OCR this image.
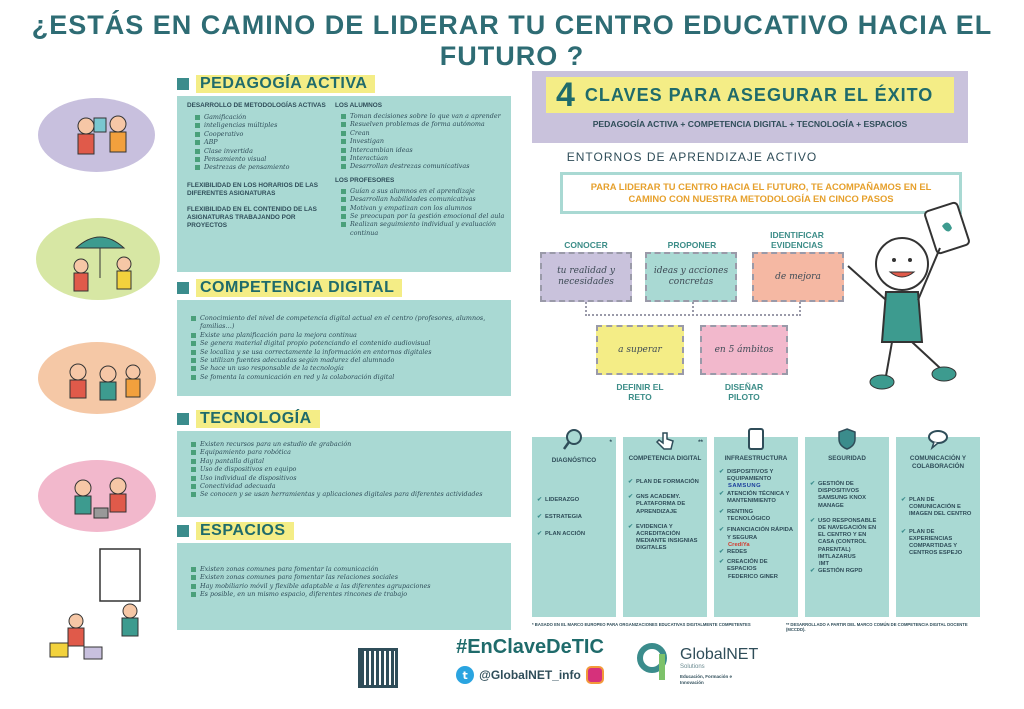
¿ESTÁS EN CAMINO DE LIDERAR TU CENTRO EDUCATIVO HACIA EL FUTURO ?
PEDAGOGÍA ACTIVA
DESARROLLO DE METODOLOGÍAS ACTIVAS
Gamificación
inteligencias múltiples
Cooperativo
ABP
Clase invertida
Pensamiento visual
Destrezas de pensamiento
FLEXIBILIDAD EN LOS HORARIOS DE LAS DIFERENTES ASIGNATURAS
FLEXIBILIDAD EN EL CONTENIDO DE LAS ASIGNATURAS TRABAJANDO POR PROYECTOS
LOS ALUMNOS
Toman decisiones sobre lo que van a aprender
Resuelven problemas de forma autónoma
Crean
Investigan
Intercambian ideas
Interactúan
Desarrollan destrezas comunicativas
LOS PROFESORES
Guían a sus alumnos en el aprendizaje
Desarrollan habilidades comunicativas
Motivan y empatizan con los alumnos
Se preocupan por la gestión emocional del aula
Realizan seguimiento individual y evaluación continua
COMPETENCIA DIGITAL
Conocimiento del nivel de competencia digital actual en el centro (profesores, alumnos, familias…)
Existe una planificación para la mejora continua
Se genera material digital propio potenciando el contenido audiovisual
Se localiza y se usa correctamente la información en entornos digitales
Se utilizan fuentes adecuadas según madurez del alumnado
Se hace un uso responsable de la tecnología
Se fomenta la comunicación en red y la colaboración digital
TECNOLOGÍA
Existen recursos para un estudio de grabación
Equipamiento para robótica
Hay pantalla digital
Uso de dispositivos en equipo
Uso individual de dispositivos
Conectividad adecuada
Se conocen y se usan herramientas y aplicaciones digitales para diferentes actividades
ESPACIOS
Existen zonas comunes para fomentar la comunicación
Existen zonas comunes para fomentar las relaciones sociales
Hay mobiliario móvil y flexible adaptable a las diferentes agrupaciones
Es posible, en un mismo espacio, diferentes rincones de trabajo
4 CLAVES PARA ASEGURAR EL ÉXITO
PEDAGOGÍA ACTIVA + COMPETENCIA DIGITAL + TECNOLOGÍA + ESPACIOS
ENTORNOS DE APRENDIZAJE ACTIVO
PARA LIDERAR TU CENTRO HACIA EL FUTURO, TE ACOMPAÑAMOS EN EL CAMINO CON NUESTRA METODOLOGÍA EN CINCO PASOS
CONOCER
tu realidad y necesidades
PROPONER
ideas y acciones concretas
IDENTIFICAR EVIDENCIAS
de mejora
a superar	en 5 ámbitos
DEFINIR EL RETO
DISEÑAR PILOTO
*
DIAGNÓSTICO
✔ LIDERAZGO
✔ ESTRATEGIA
✔ PLAN ACCIÓN
**
COMPETENCIA DIGITAL
✔ PLAN DE FORMACIÓN
✔ GNS ACADEMY. PLATAFORMA DE APRENDIZAJE
✔ EVIDENCIA Y ACREDITACIÓN MEDIANTE INSIGNIAS DIGITALES
INFRAESTRUCTURA
✔ DISPOSITIVOS Y EQUIPAMIENTO
SAMSUNG
✔ ATENCIÓN TÉCNICA Y MANTENIMIENTO
✔ RENTING TECNOLÓGICO
✔ FINANCIACIÓN RÁPIDA Y SEGURA
CrediYa
✔ REDES
✔ CREACIÓN DE ESPACIOS
FEDERICO GINER
SEGURIDAD
✔ GESTIÓN DE DISPOSITIVOS SAMSUNG KNOX MANAGE
✔ USO RESPONSABLE DE NAVEGACIÓN EN EL CENTRO Y EN CASA (CONTROL PARENTAL) IMTLAZARUS
IMT
✔ GESTIÓN RGPD
COMUNICACIÓN Y COLABORACIÓN
✔ PLAN DE COMUNICACIÓN E IMAGEN DEL CENTRO
✔ PLAN DE EXPERIENCIAS COMPARTIDAS Y CENTROS ESPEJO
* BASADO EN EL MARCO EUROPEO PARA ORGANIZACIONES EDUCATIVAS DIGITALMENTE COMPETENTES	** DESARROLLADO A PARTIR DEL MARCO COMÚN DE COMPETENCIA DIGITAL DOCENTE (MCCDD).
#EnClaveDeTIC
t @GlobalNET_info
GlobalNET
Solutions
Educación, Formación e Innovación
